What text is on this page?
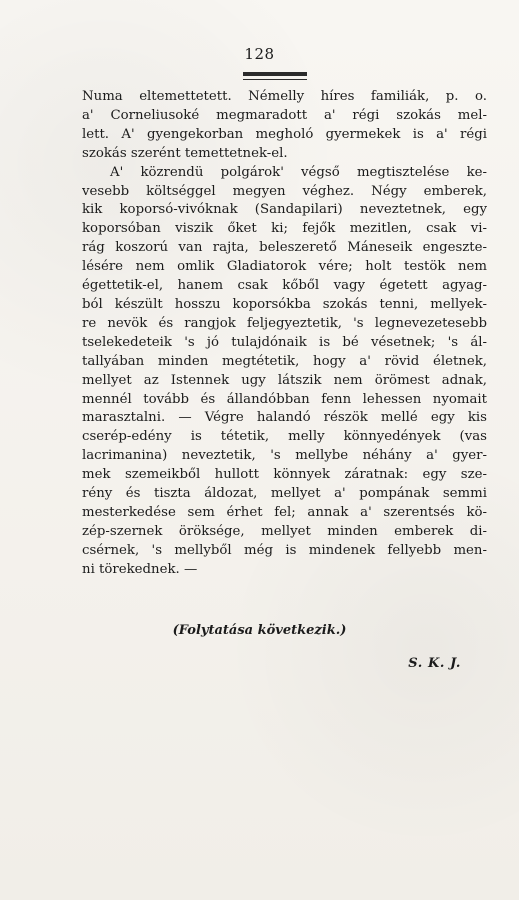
128
Numa eltemettetett. Némelly híres familiák, p. o.
a' Corneliusoké megmaradott a' régi szokás mel-
lett. A' gyengekorban megholó gyermekek is a' régi
szokás szerént temettetnek-el.
A' közrendü polgárok' végső megtisztelése ke-
vesebb költséggel megyen véghez. Négy emberek,
kik koporsó-vivóknak (Sandapilari) neveztetnek, egy
koporsóban viszik őket ki; fejők mezitlen, csak vi-
rág koszorú van rajta, beleszerető Máneseik engeszte-
lésére nem omlik Gladiatorok vére; holt testök nem
égettetik-el, hanem csak kőből vagy égetett agyag-
ból készült hosszu koporsókba szokás tenni, mellyek-
re nevök és rangjok feljegyeztetik, 's legnevezetesebb
tselekedeteik 's jó tulajdónaik is bé vésetnek; 's ál-
tallyában minden megtétetik, hogy a' rövid életnek,
mellyet az Istennek ugy látszik nem örömest adnak,
mennél tovább és állandóbban fenn lehessen nyomait
marasztalni. — Végre halandó részök mellé egy kis
cserép-edény is tétetik, melly könnyedények (vas
lacrimanina) neveztetik, 's mellybe néhány a' gyer-
mek szemeikből hullott könnyek záratnak: egy sze-
rény és tiszta áldozat, mellyet a' pompának semmi
mesterkedése sem érhet fel; annak a' szerentsés kö-
zép-szernek öröksége, mellyet minden emberek di-
csérnek, 's mellyből még is mindenek fellyebb men-
ni törekednek. —
(Folytatása következik.)
S. K. J.
